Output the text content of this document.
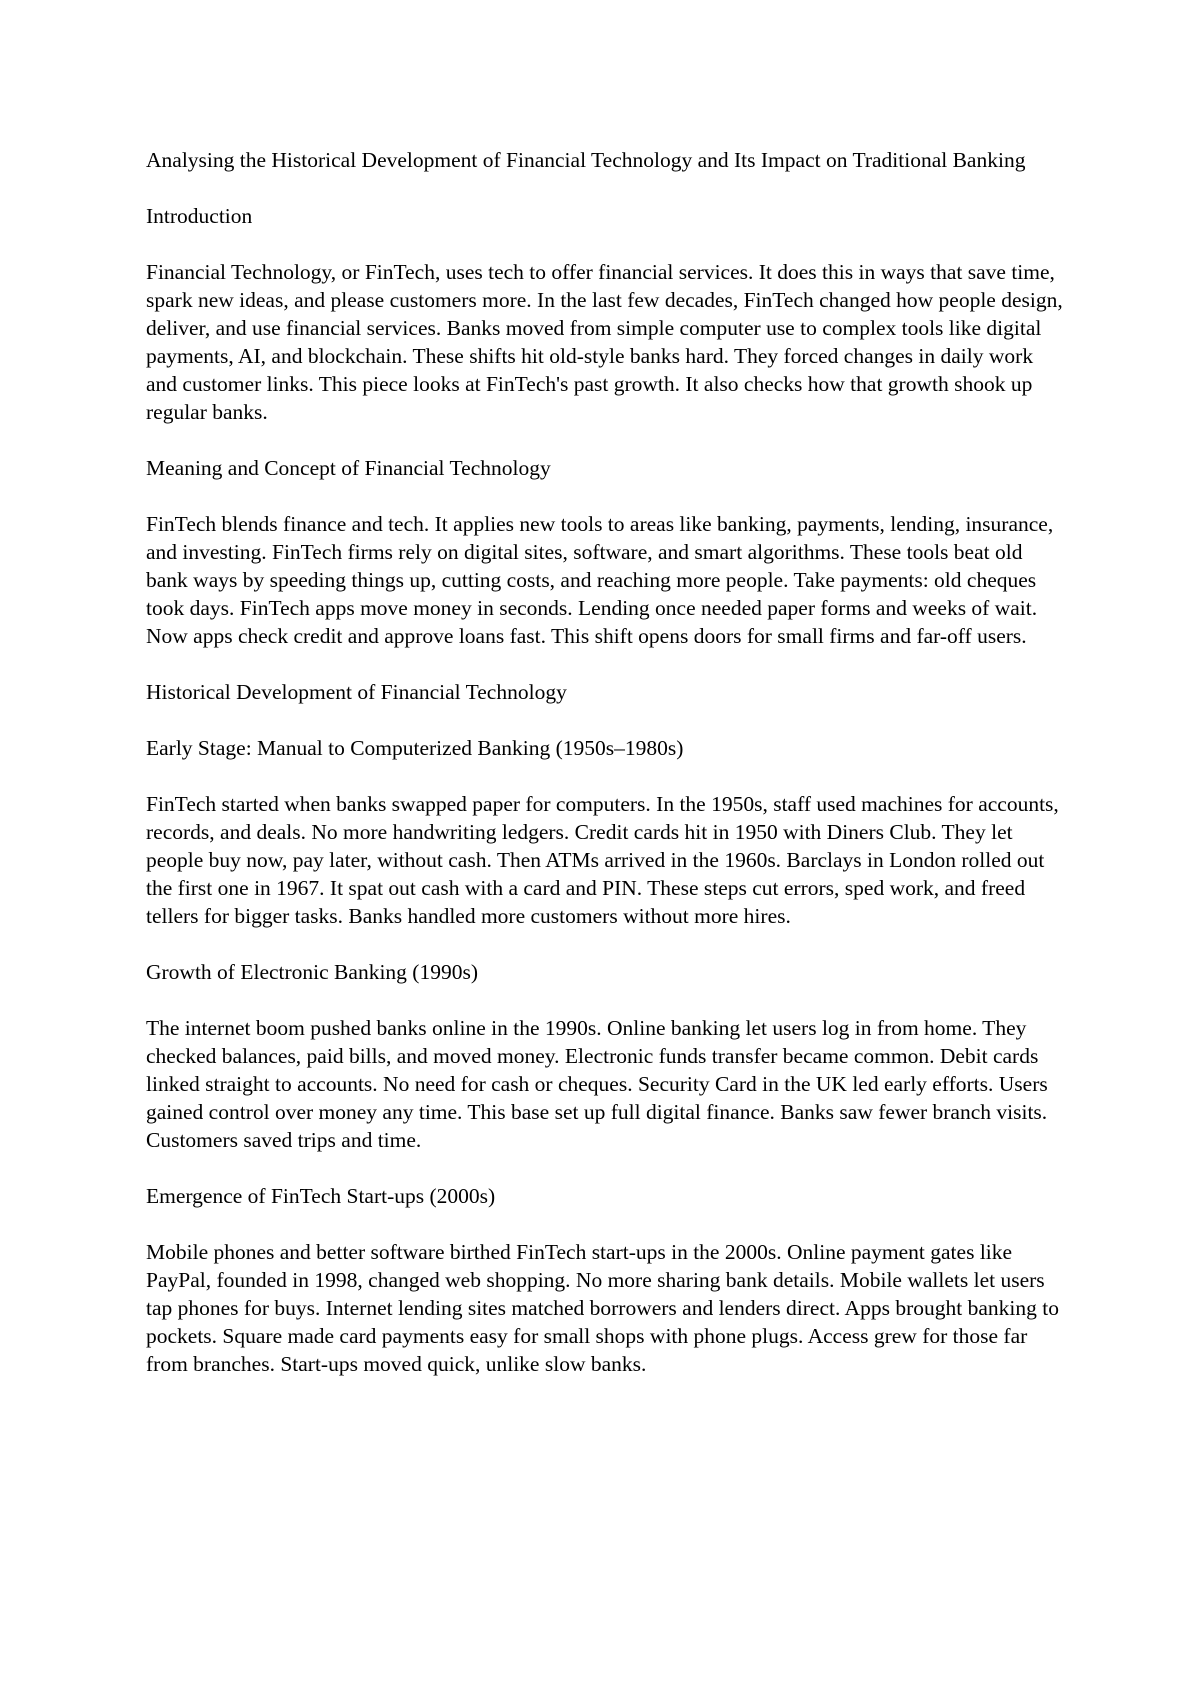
Analysing the Historical Development of Financial Technology and Its Impact on Traditional Banking

Introduction

Financial Technology, or FinTech, uses tech to offer financial services. It does this in ways that save time, spark new ideas, and please customers more. In the last few decades, FinTech changed how people design, deliver, and use financial services. Banks moved from simple computer use to complex tools like digital payments, AI, and blockchain. These shifts hit old-style banks hard. They forced changes in daily work and customer links. This piece looks at FinTech's past growth. It also checks how that growth shook up regular banks.

Meaning and Concept of Financial Technology

FinTech blends finance and tech. It applies new tools to areas like banking, payments, lending, insurance, and investing. FinTech firms rely on digital sites, software, and smart algorithms. These tools beat old bank ways by speeding things up, cutting costs, and reaching more people. Take payments: old cheques took days. FinTech apps move money in seconds. Lending once needed paper forms and weeks of wait. Now apps check credit and approve loans fast. This shift opens doors for small firms and far-off users.

Historical Development of Financial Technology

Early Stage: Manual to Computerized Banking (1950s–1980s)

FinTech started when banks swapped paper for computers. In the 1950s, staff used machines for accounts, records, and deals. No more handwriting ledgers. Credit cards hit in 1950 with Diners Club. They let people buy now, pay later, without cash. Then ATMs arrived in the 1960s. Barclays in London rolled out the first one in 1967. It spat out cash with a card and PIN. These steps cut errors, sped work, and freed tellers for bigger tasks. Banks handled more customers without more hires.

Growth of Electronic Banking (1990s)

The internet boom pushed banks online in the 1990s. Online banking let users log in from home. They checked balances, paid bills, and moved money. Electronic funds transfer became common. Debit cards linked straight to accounts. No need for cash or cheques. Security Card in the UK led early efforts. Users gained control over money any time. This base set up full digital finance. Banks saw fewer branch visits. Customers saved trips and time.

Emergence of FinTech Start-ups (2000s)

Mobile phones and better software birthed FinTech start-ups in the 2000s. Online payment gates like PayPal, founded in 1998, changed web shopping. No more sharing bank details. Mobile wallets let users tap phones for buys. Internet lending sites matched borrowers and lenders direct. Apps brought banking to pockets. Square made card payments easy for small shops with phone plugs. Access grew for those far from branches. Start-ups moved quick, unlike slow banks.
